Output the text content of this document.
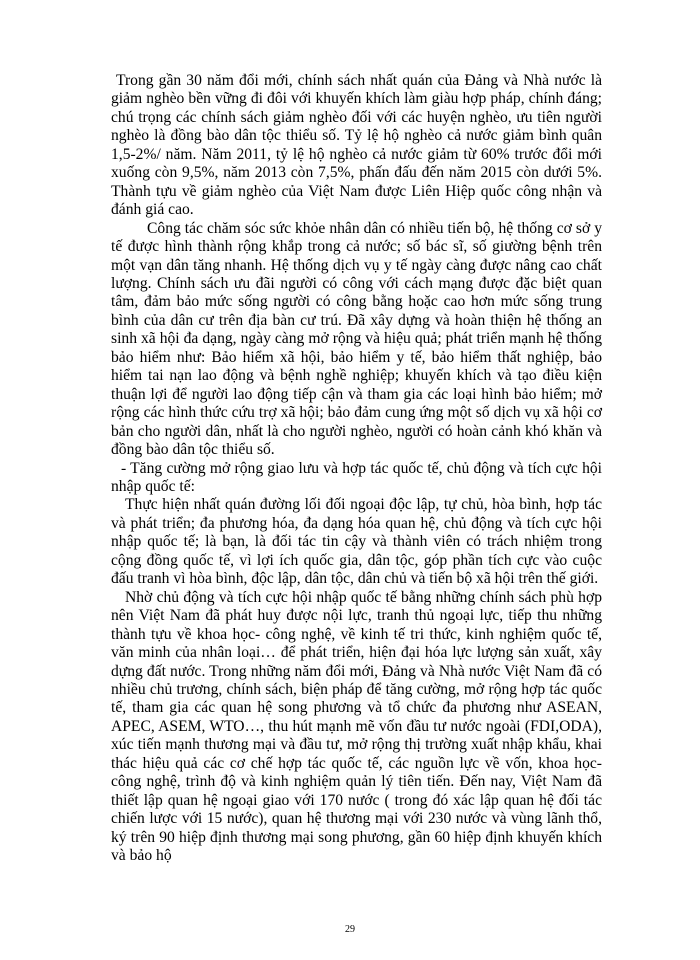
Trong gần 30 năm đổi mới, chính sách nhất quán của Đảng và Nhà nước là giảm nghèo bền vững đi đôi với khuyến khích làm giàu hợp pháp, chính đáng; chú trọng các chính sách giảm nghèo đối với các huyện nghèo, ưu tiên người nghèo là đồng bào dân tộc thiểu số. Tỷ lệ hộ nghèo cả nước giảm bình quân 1,5-2%/ năm. Năm 2011, tỷ lệ hộ nghèo cả nước giảm từ 60% trước đổi mới xuống còn 9,5%, năm 2013 còn 7,5%, phấn đấu đến năm 2015 còn dưới 5%. Thành tựu về giảm nghèo của Việt Nam được Liên Hiệp quốc công nhận và đánh giá cao.

Công tác chăm sóc sức khỏe nhân dân có nhiều tiến bộ, hệ thống cơ sở y tế được hình thành rộng khắp trong cả nước; số bác sĩ, số giường bệnh trên một vạn dân tăng nhanh. Hệ thống dịch vụ y tế ngày càng được nâng cao chất lượng. Chính sách ưu đãi người có công với cách mạng được đặc biệt quan tâm, đảm bảo mức sống người có công bằng hoặc cao hơn mức sống trung bình của dân cư trên địa bàn cư trú. Đã xây dựng và hoàn thiện hệ thống an sinh xã hội đa dạng, ngày càng mở rộng và hiệu quả; phát triển mạnh hệ thống bảo hiểm như: Bảo hiểm xã hội, bảo hiểm y tế, bảo hiểm thất nghiệp, bảo hiểm tai nạn lao động và bệnh nghề nghiệp; khuyến khích và tạo điều kiện thuận lợi để người lao động tiếp cận và tham gia các loại hình bảo hiểm; mở rộng các hình thức cứu trợ xã hội; bảo đảm cung ứng một số dịch vụ xã hội cơ bản cho người dân, nhất là cho người nghèo, người có hoàn cảnh khó khăn và đồng bào dân tộc thiểu số.

- Tăng cường mở rộng giao lưu và hợp tác quốc tế, chủ động và tích cực hội nhập quốc tế:

Thực hiện nhất quán đường lối đối ngoại độc lập, tự chủ, hòa bình, hợp tác và phát triển; đa phương hóa, đa dạng hóa quan hệ, chủ động và tích cực hội nhập quốc tế; là bạn, là đối tác tin cậy và thành viên có trách nhiệm trong cộng đồng quốc tế, vì lợi ích quốc gia, dân tộc, góp phần tích cực vào cuộc đấu tranh vì hòa bình, độc lập, dân tộc, dân chủ và tiến bộ xã hội trên thế giới.

Nhờ chủ động và tích cực hội nhập quốc tế bằng những chính sách phù hợp nên Việt Nam đã phát huy được nội lực, tranh thủ ngoại lực, tiếp thu những thành tựu về khoa học- công nghệ, về kinh tế tri thức, kinh nghiệm quốc tế, văn minh của nhân loại… để phát triển, hiện đại hóa lực lượng sản xuất, xây dựng đất nước. Trong những năm đổi mới, Đảng và Nhà nước Việt Nam đã có nhiều chủ trương, chính sách, biện pháp để tăng cường, mở rộng hợp tác quốc tế, tham gia các quan hệ song phương và tổ chức đa phương như ASEAN, APEC, ASEM, WTO…, thu hút mạnh mẽ vốn đầu tư nước ngoài (FDI,ODA), xúc tiến mạnh thương mại và đầu tư, mở rộng thị trường xuất nhập khẩu, khai thác hiệu quả các cơ chế hợp tác quốc tế, các nguồn lực về vốn, khoa học-công nghệ, trình độ và kinh nghiệm quản lý tiên tiến. Đến nay, Việt Nam đã thiết lập quan hệ ngoại giao với 170 nước ( trong đó xác lập quan hệ đối tác chiến lược với 15 nước), quan hệ thương mại với 230 nước và vùng lãnh thổ, ký trên 90 hiệp định thương mại song phương, gần 60 hiệp định khuyến khích và bảo hộ

29
